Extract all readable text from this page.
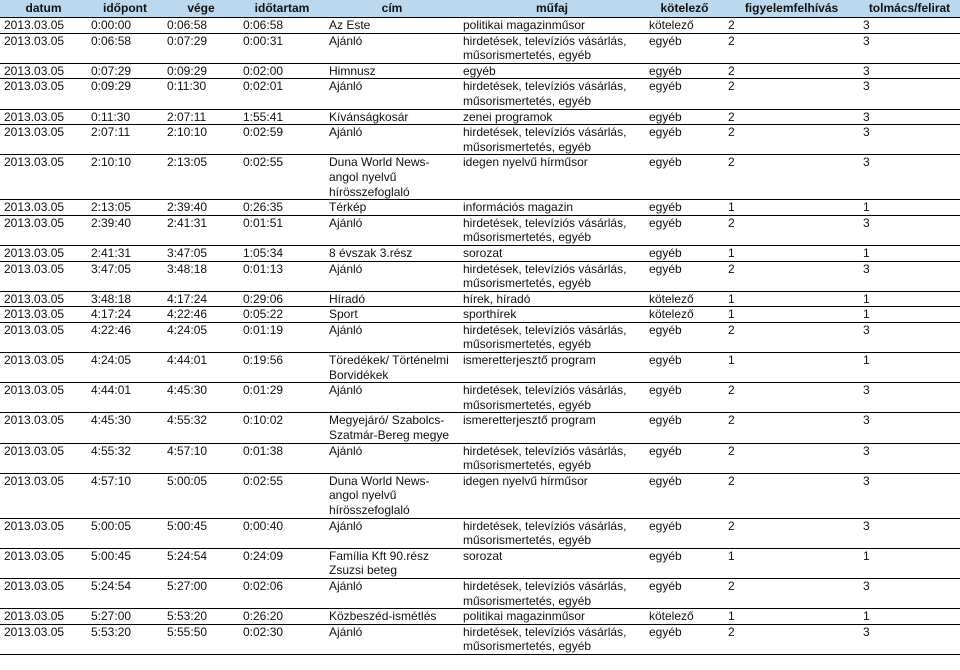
datum	időpont	vége	időtartam	cím	műfaj	kötelező	figyelemfelhívás	tolmács/felirat
2013.03.05	0:00:00	0:06:58	0:06:58	Az Este	politikai magazinműsor	kötelező	2	3
2013.03.05	0:06:58	0:07:29	0:00:31	Ajánló	hirdetések, televíziós vásárlás, műsorismertetés, egyéb	egyéb	2	3
2013.03.05	0:07:29	0:09:29	0:02:00	Himnusz	egyéb	egyéb	2	3
2013.03.05	0:09:29	0:11:30	0:02:01	Ajánló	hirdetések, televíziós vásárlás, műsorismertetés, egyéb	egyéb	2	3
2013.03.05	0:11:30	2:07:11	1:55:41	Kívánságkosár	zenei programok	egyéb	2	3
2013.03.05	2:07:11	2:10:10	0:02:59	Ajánló	hirdetések, televíziós vásárlás, műsorismertetés, egyéb	egyéb	2	3
2013.03.05	2:10:10	2:13:05	0:02:55	Duna World News- angol nyelvű hírösszefoglaló	idegen nyelvű hírműsor	egyéb	2	3
2013.03.05	2:13:05	2:39:40	0:26:35	Térkép	információs magazin	egyéb	1	1
2013.03.05	2:39:40	2:41:31	0:01:51	Ajánló	hirdetések, televíziós vásárlás, műsorismertetés, egyéb	egyéb	2	3
2013.03.05	2:41:31	3:47:05	1:05:34	8 évszak 3.rész	sorozat	egyéb	1	1
2013.03.05	3:47:05	3:48:18	0:01:13	Ajánló	hirdetések, televíziós vásárlás, műsorismertetés, egyéb	egyéb	2	3
2013.03.05	3:48:18	4:17:24	0:29:06	Híradó	hírek, híradó	kötelező	1	1
2013.03.05	4:17:24	4:22:46	0:05:22	Sport	sporthírek	kötelező	1	1
2013.03.05	4:22:46	4:24:05	0:01:19	Ajánló	hirdetések, televíziós vásárlás, műsorismertetés, egyéb	egyéb	2	3
2013.03.05	4:24:05	4:44:01	0:19:56	Töredékek/ Történelmi Borvidékek	ismeretterjesztő program	egyéb	1	1
2013.03.05	4:44:01	4:45:30	0:01:29	Ajánló	hirdetések, televíziós vásárlás, műsorismertetés, egyéb	egyéb	2	3
2013.03.05	4:45:30	4:55:32	0:10:02	Megyejáró/ Szabolcs-Szatmár-Bereg megye	ismeretterjesztő program	egyéb	2	3
2013.03.05	4:55:32	4:57:10	0:01:38	Ajánló	hirdetések, televíziós vásárlás, műsorismertetés, egyéb	egyéb	2	3
2013.03.05	4:57:10	5:00:05	0:02:55	Duna World News- angol nyelvű hírösszefoglaló	idegen nyelvű hírműsor	egyéb	2	3
2013.03.05	5:00:05	5:00:45	0:00:40	Ajánló	hirdetések, televíziós vásárlás, műsorismertetés, egyéb	egyéb	2	3
2013.03.05	5:00:45	5:24:54	0:24:09	Família Kft 90.rész Zsuzsi beteg	sorozat	egyéb	1	1
2013.03.05	5:24:54	5:27:00	0:02:06	Ajánló	hirdetések, televíziós vásárlás, műsorismertetés, egyéb	egyéb	2	3
2013.03.05	5:27:00	5:53:20	0:26:20	Közbeszéd-ismétlés	politikai magazinműsor	kötelező	1	1
2013.03.05	5:53:20	5:55:50	0:02:30	Ajánló	hirdetések, televíziós vásárlás, műsorismertetés, egyéb	egyéb	2	3
